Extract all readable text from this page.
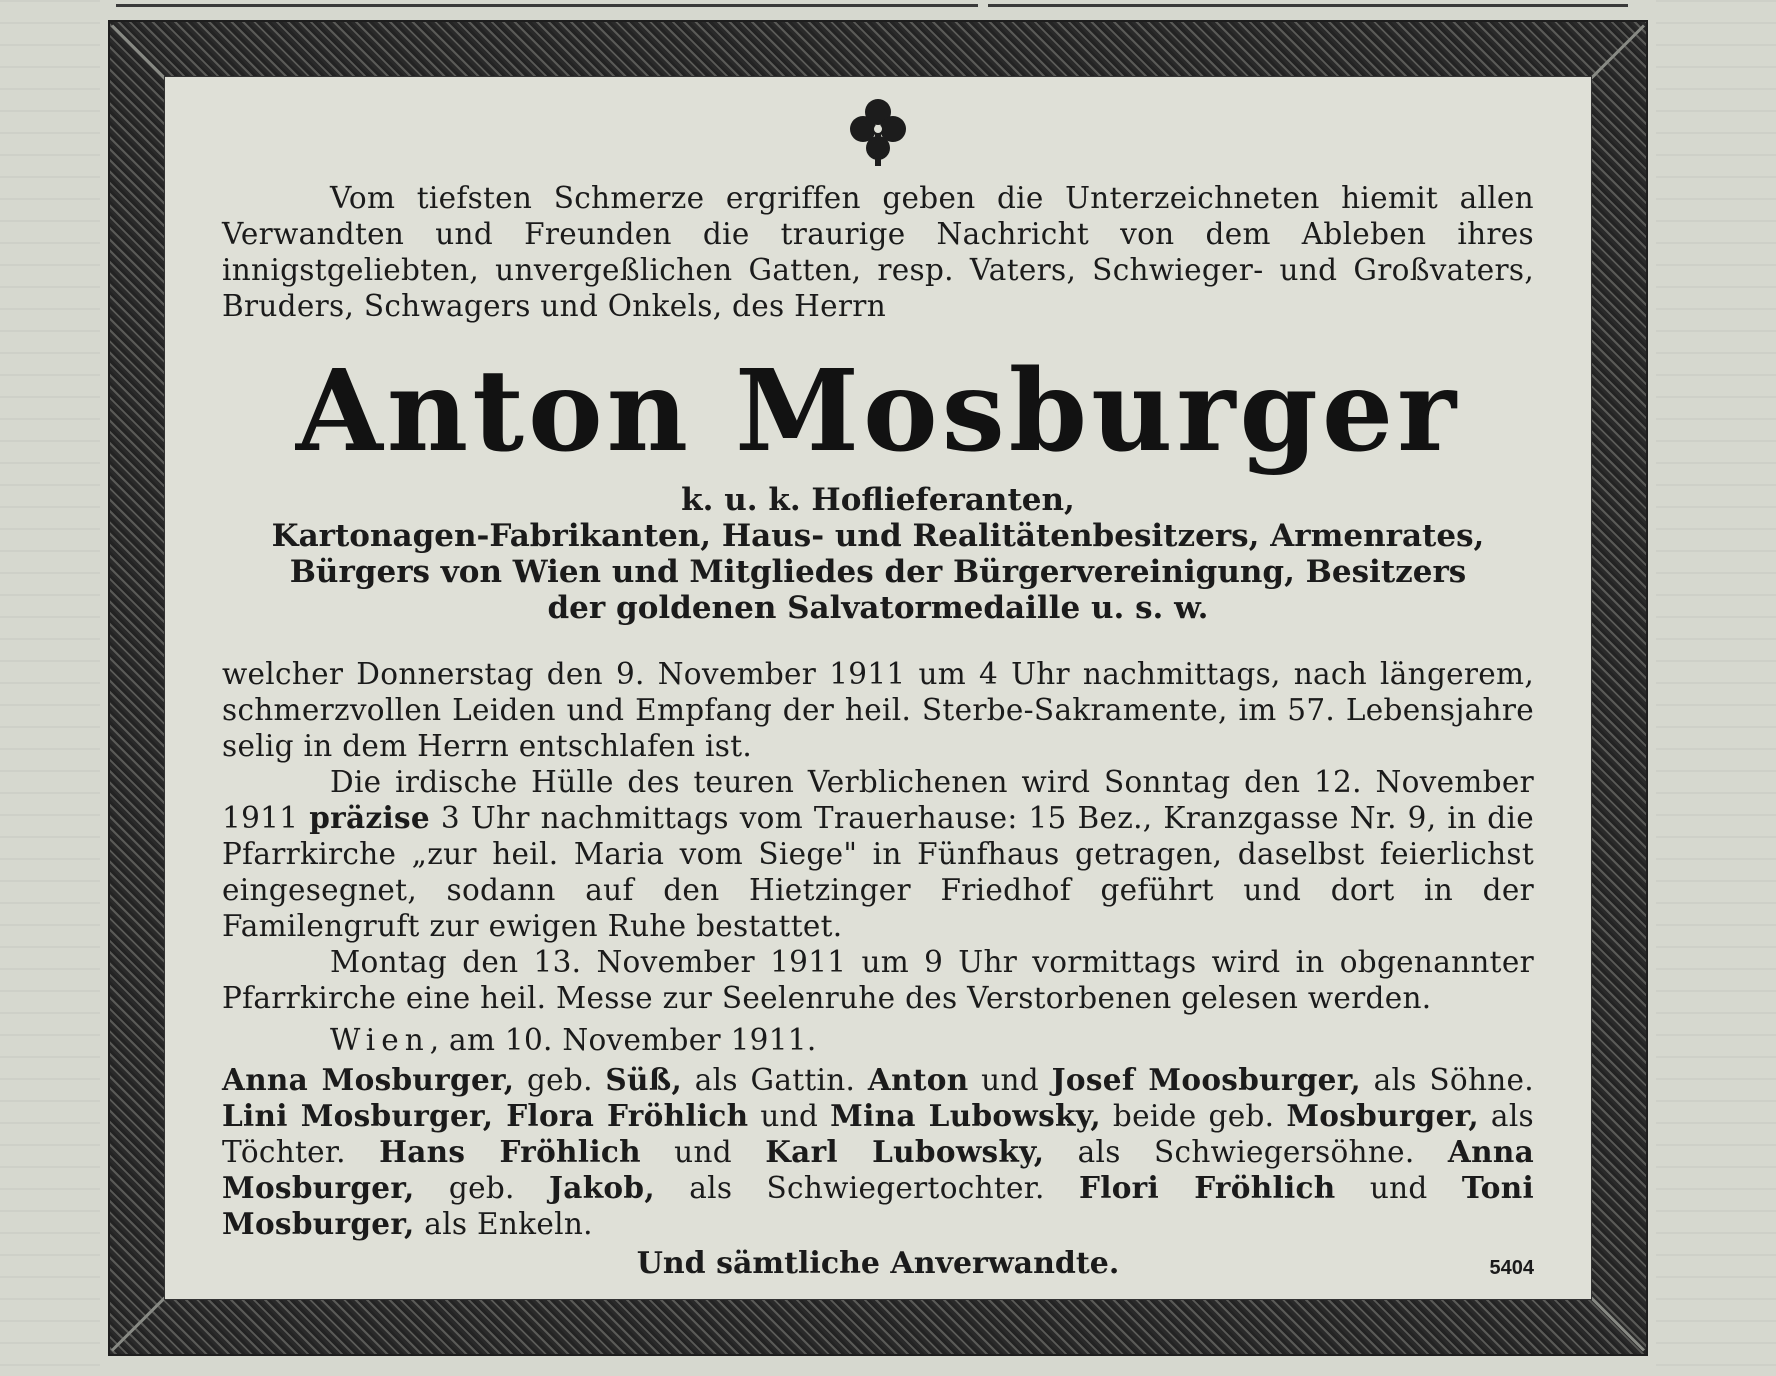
Vom tiefsten Schmerze ergriffen geben die Unterzeichneten hiemit allen Verwandten und Freunden die traurige Nachricht von dem Ableben ihres innigstgeliebten, unvergeßlichen Gatten, resp. Vaters, Schwieger- und Großvaters, Bruders, Schwagers und Onkels, des Herrn

Anton Mosburger
k. u. k. Hoflieferanten,
Kartonagen-Fabrikanten, Haus- und Realitätenbesitzers, Armenrates,
Bürgers von Wien und Mitgliedes der Bürgervereinigung, Besitzers
der goldenen Salvatormedaille u. s. w.

welcher Donnerstag den 9. November 1911 um 4 Uhr nachmittags, nach längerem, schmerzvollen Leiden und Empfang der heil. Sterbe-Sakramente, im 57. Lebensjahre selig in dem Herrn entschlafen ist.

Die irdische Hülle des teuren Verblichenen wird Sonntag den 12. November 1911 präzise 3 Uhr nachmittags vom Trauerhause: 15 Bez., Kranzgasse Nr. 9, in die Pfarrkirche „zur heil. Maria vom Siege" in Fünfhaus getragen, daselbst feierlichst eingesegnet, sodann auf den Hietzinger Friedhof geführt und dort in der Familengruft zur ewigen Ruhe bestattet.

Montag den 13. November 1911 um 9 Uhr vormittags wird in obgenannter Pfarrkirche eine heil. Messe zur Seelenruhe des Verstorbenen gelesen werden.

Wien, am 10. November 1911.

Anna Mosburger, geb. Süß, als Gattin. Anton und Josef Moosburger, als Söhne. Lini Mosburger, Flora Fröhlich und Mina Lubowsky, beide geb. Mosburger, als Töchter. Hans Fröhlich und Karl Lubowsky, als Schwiegersöhne. Anna Mosburger, geb. Jakob, als Schwiegertochter. Flori Fröhlich und Toni Mosburger, als Enkeln.

Und sämtliche Anverwandte.	5404
